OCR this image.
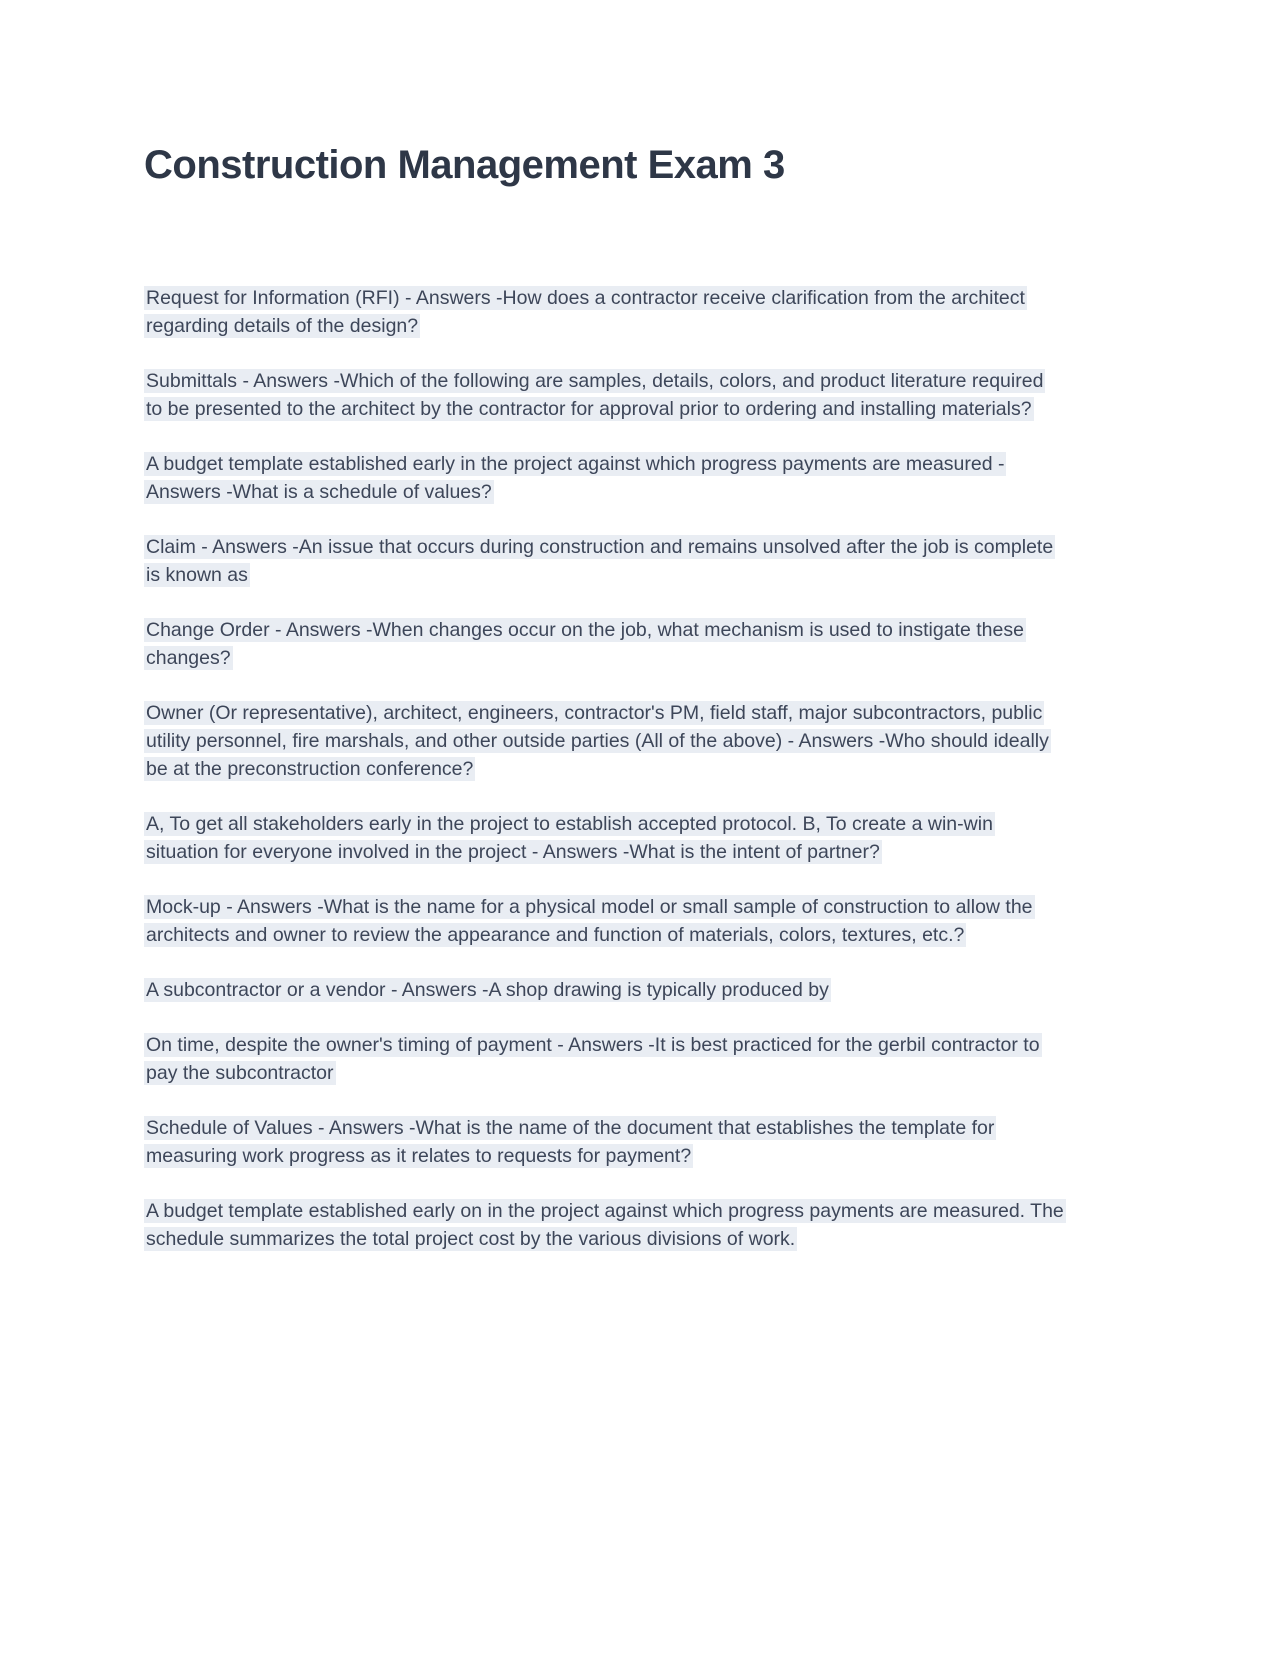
Construction Management Exam 3

Request for Information (RFI) - Answers -How does a contractor receive clarification from the architect regarding details of the design?

Submittals - Answers -Which of the following are samples, details, colors, and product literature required to be presented to the architect by the contractor for approval prior to ordering and installing materials?

A budget template established early in the project against which progress payments are measured - Answers -What is a schedule of values?

Claim - Answers -An issue that occurs during construction and remains unsolved after the job is complete is known as

Change Order - Answers -When changes occur on the job, what mechanism is used to instigate these changes?

Owner (Or representative), architect, engineers, contractor's PM, field staff, major subcontractors, public utility personnel, fire marshals, and other outside parties (All of the above) - Answers -Who should ideally be at the preconstruction conference?

A, To get all stakeholders early in the project to establish accepted protocol. B, To create a win-win situation for everyone involved in the project - Answers -What is the intent of partner?

Mock-up - Answers -What is the name for a physical model or small sample of construction to allow the architects and owner to review the appearance and function of materials, colors, textures, etc.?

A subcontractor or a vendor - Answers -A shop drawing is typically produced by

On time, despite the owner's timing of payment - Answers -It is best practiced for the gerbil contractor to pay the subcontractor

Schedule of Values - Answers -What is the name of the document that establishes the template for measuring work progress as it relates to requests for payment?

A budget template established early on in the project against which progress payments are measured. The schedule summarizes the total project cost by the various divisions of work.
